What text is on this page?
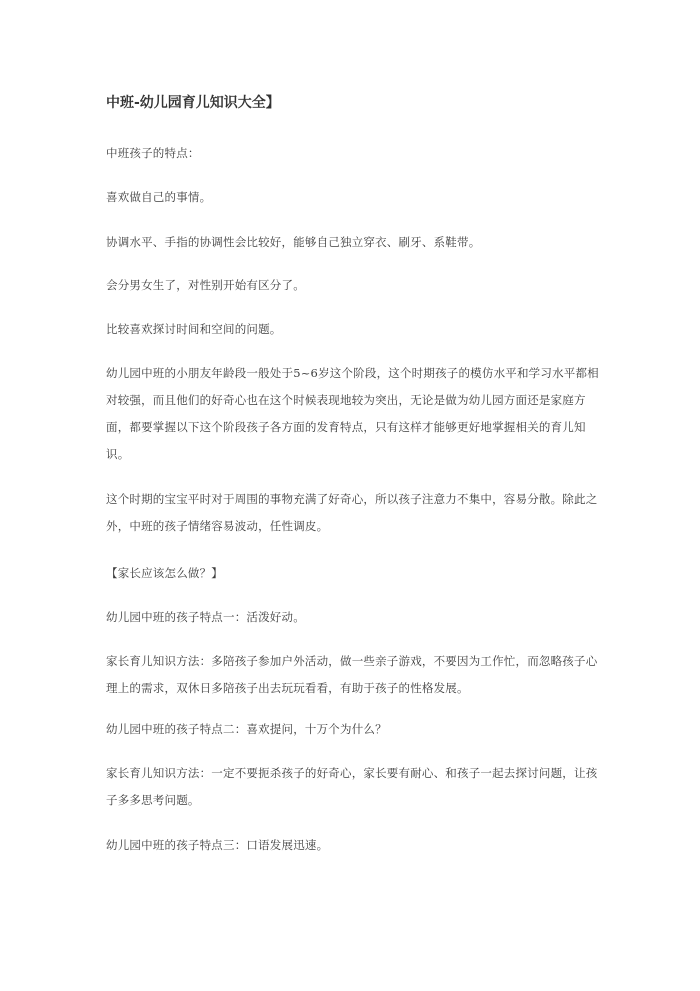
中班-幼儿园育儿知识大全】

中班孩子的特点：

喜欢做自己的事情。

协调水平、手指的协调性会比较好，能够自己独立穿衣、刷牙、系鞋带。

会分男女生了，对性别开始有区分了。

比较喜欢探讨时间和空间的问题。

幼儿园中班的小朋友年龄段一般处于5~6岁这个阶段，这个时期孩子的模仿水平和学习水平都相对较强，而且他们的好奇心也在这个时候表现地较为突出，无论是做为幼儿园方面还是家庭方面，都要掌握以下这个阶段孩子各方面的发育特点，只有这样才能够更好地掌握相关的育儿知识。

这个时期的宝宝平时对于周围的事物充满了好奇心，所以孩子注意力不集中，容易分散。除此之外，中班的孩子情绪容易波动，任性调皮。

【家长应该怎么做？】

幼儿园中班的孩子特点一：活泼好动。

家长育儿知识方法：多陪孩子参加户外活动，做一些亲子游戏，不要因为工作忙，而忽略孩子心理上的需求，双休日多陪孩子出去玩玩看看，有助于孩子的性格发展。

幼儿园中班的孩子特点二：喜欢提问，十万个为什么？

家长育儿知识方法：一定不要扼杀孩子的好奇心，家长要有耐心、和孩子一起去探讨问题，让孩子多多思考问题。

幼儿园中班的孩子特点三：口语发展迅速。
